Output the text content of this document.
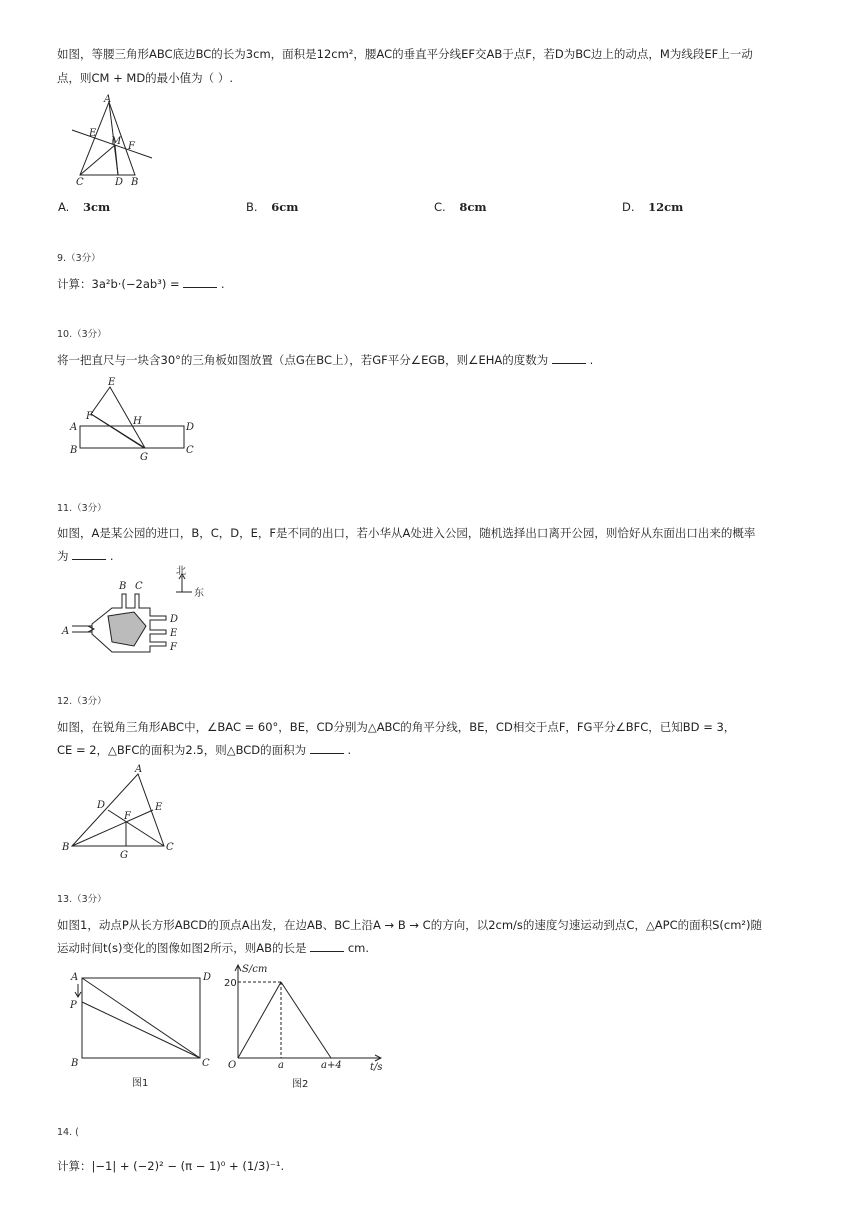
如图，等腰三角形ABC底边BC的长为3cm，面积是12cm²，腰AC的垂直平分线EF交AB于点F，若D为BC边上的动点，M为线段EF上一动
点，则CM + MD的最小值为（ ）.
A
E
M F
C	D B
A. 3cm	B. 6cm	C. 8cm	D. 12cm
9.（3分）
计算：3a²b·(−2ab³) =	.
10.（3分）
将一把直尺与一块含30°的三角板如图放置（点G在BC上），若GF平分∠EGB，则∠EHA的度数为	.
E
F	H
A	D
B
G
C
11.（3分）
如图，A是某公园的进口，B，C，D，E，F是不同的出口，若小华从A处进入公园，随机选择出口离开公园，则恰好从东面出口出来的概率
为	.
北
东
B C
D
E
F
A
12.（3分）
如图，在锐角三角形ABC中，∠BAC = 60°，BE，CD分别为△ABC的角平分线，BE，CD相交于点F，FG平分∠BFC，已知BD = 3，
CE = 2，△BFC的面积为2.5，则△BCD的面积为	.
A
D	E
F
B
G
C
13.（3分）
如图1，动点P从长方形ABCD的顶点A出发，在边AB、BC上沿A → B → C的方向，以2cm/s的速度匀速运动到点C，△APC的面积S(cm²)随
运动时间t(s)变化的图像如图2所示，则AB的长是	cm.
A	D
P
B	C
图1
S/cm
20
O	a	a+4	t/s
图2
14. (
计算：|−1| + (−2)² − (π − 1)⁰ + (1/3)⁻¹.
